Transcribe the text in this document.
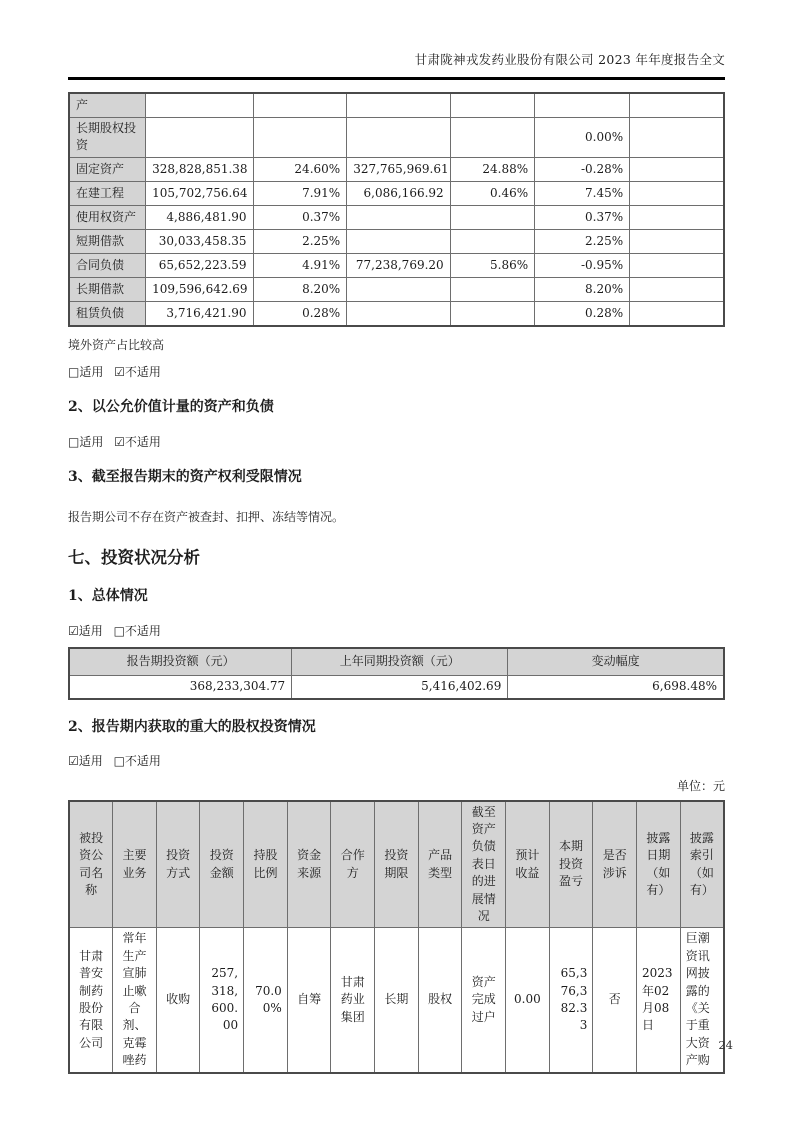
甘肃陇神戎发药业股份有限公司 2023 年年度报告全文
产						
长期股权投资					0.00%	
固定资产	328,828,851.38	24.60%	327,765,969.61	24.88%	-0.28%	
在建工程	105,702,756.64	7.91%	6,086,166.92	0.46%	7.45%	
使用权资产	4,886,481.90	0.37%			0.37%	
短期借款	30,033,458.35	2.25%			2.25%	
合同负债	65,652,223.59	4.91%	77,238,769.20	5.86%	-0.95%	
长期借款	109,596,642.69	8.20%			8.20%	
租赁负债	3,716,421.90	0.28%			0.28%	

境外资产占比较高

□适用 ☑不适用

2、以公允价值计量的资产和负债

□适用 ☑不适用

3、截至报告期末的资产权利受限情况

报告期公司不存在资产被查封、扣押、冻结等情况。

七、投资状况分析
1、总体情况

☑适用 □不适用

报告期投资额（元）	上年同期投资额（元）	变动幅度
368,233,304.77	5,416,402.69	6,698.48%
2、报告期内获取的重大的股权投资情况

☑适用 □不适用

单位：元

被投资公司名称	主要业务	投资方式	投资金额	持股比例	资金来源	合作方	投资期限	产品类型	截至资产负债表日的进展情况	预计收益	本期投资盈亏	是否涉诉	披露日期（如有）	披露索引（如有）
甘肃普安制药股份有限公司	常年生产宣肺止嗽合剂、克霉唑药	收购	257,318,600.00	70.00%	自筹	甘肃药业集团	长期	股权	资产完成过户	0.00	65,376,382.33	否	2023年02月08日	巨潮资讯网披露的《关于重大资产购
24
